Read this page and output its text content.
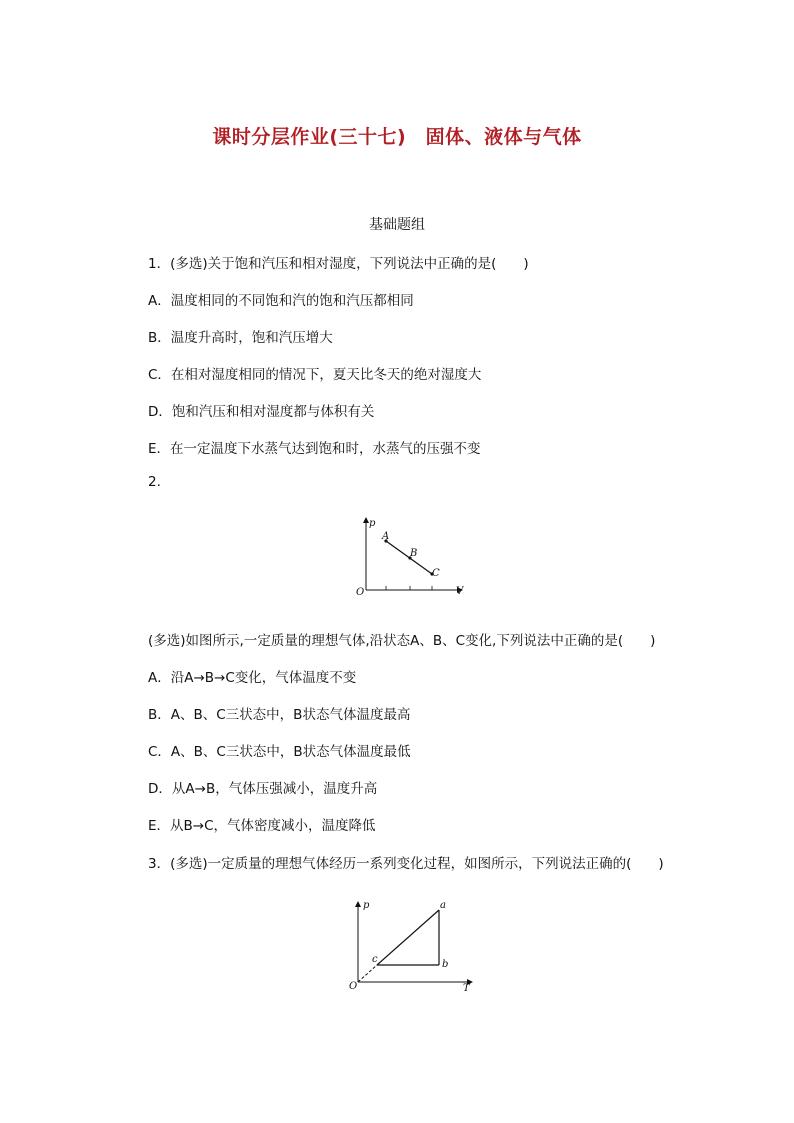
课时分层作业(三十七)　固体、液体与气体
基础题组
1．(多选)关于饱和汽压和相对湿度，下列说法中正确的是(　　)
A．温度相同的不同饱和汽的饱和汽压都相同
B．温度升高时，饱和汽压增大
C．在相对湿度相同的情况下，夏天比冬天的绝对湿度大
D．饱和汽压和相对湿度都与体积有关
E．在一定温度下水蒸气达到饱和时，水蒸气的压强不变
2.
p
V
O
A
B
C
(多选)如图所示,一定质量的理想气体,沿状态A、B、C变化,下列说法中正确的是(　　)
A．沿A→B→C变化，气体温度不变
B．A、B、C三状态中，B状态气体温度最高
C．A、B、C三状态中，B状态气体温度最低
D．从A→B，气体压强减小，温度升高
E．从B→C，气体密度减小，温度降低
3．(多选)一定质量的理想气体经历一系列变化过程，如图所示，下列说法正确的(　　)
p
T
O
a
b
c
